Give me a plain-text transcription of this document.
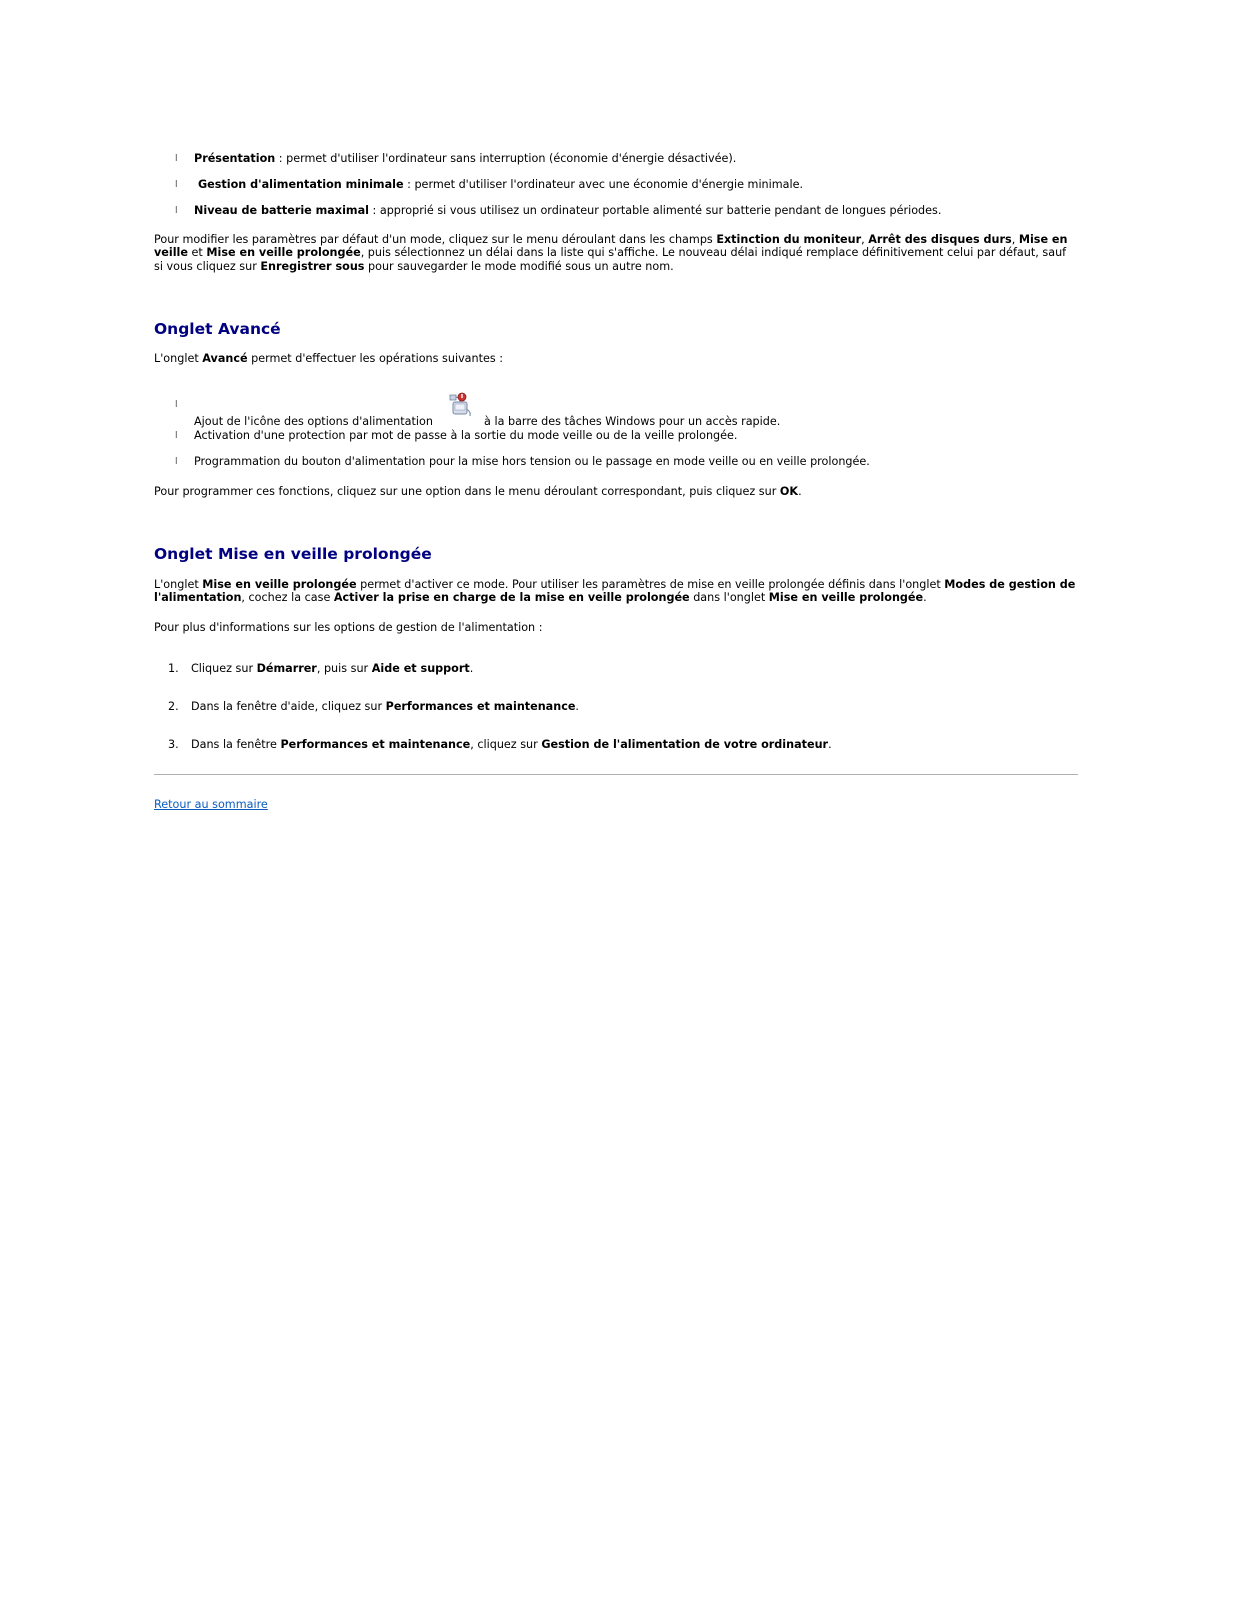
l Présentation : permet d'utiliser l'ordinateur sans interruption (économie d'énergie désactivée).
l Gestion d'alimentation minimale : permet d'utiliser l'ordinateur avec une économie d'énergie minimale.
l Niveau de batterie maximal : approprié si vous utilisez un ordinateur portable alimenté sur batterie pendant de longues périodes.

Pour modifier les paramètres par défaut d'un mode, cliquez sur le menu déroulant dans les champs Extinction du moniteur, Arrêt des disques durs, Mise en veille et Mise en veille prolongée, puis sélectionnez un délai dans la liste qui s'affiche. Le nouveau délai indiqué remplace définitivement celui par défaut, sauf si vous cliquez sur Enregistrer sous pour sauvegarder le mode modifié sous un autre nom.

Onglet Avancé

L'onglet Avancé permet d'effectuer les opérations suivantes :

l
Ajout de l'icône des options d'alimentation	à la barre des tâches Windows pour un accès rapide.
l Activation d'une protection par mot de passe à la sortie du mode veille ou de la veille prolongée.
l Programmation du bouton d'alimentation pour la mise hors tension ou le passage en mode veille ou en veille prolongée.

Pour programmer ces fonctions, cliquez sur une option dans le menu déroulant correspondant, puis cliquez sur OK.

Onglet Mise en veille prolongée

L'onglet Mise en veille prolongée permet d'activer ce mode. Pour utiliser les paramètres de mise en veille prolongée définis dans l'onglet Modes de gestion de l'alimentation, cochez la case Activer la prise en charge de la mise en veille prolongée dans l'onglet Mise en veille prolongée.

Pour plus d'informations sur les options de gestion de l'alimentation :

1. Cliquez sur Démarrer, puis sur Aide et support.
2. Dans la fenêtre d'aide, cliquez sur Performances et maintenance.
3. Dans la fenêtre Performances et maintenance, cliquez sur Gestion de l'alimentation de votre ordinateur.

Retour au sommaire
